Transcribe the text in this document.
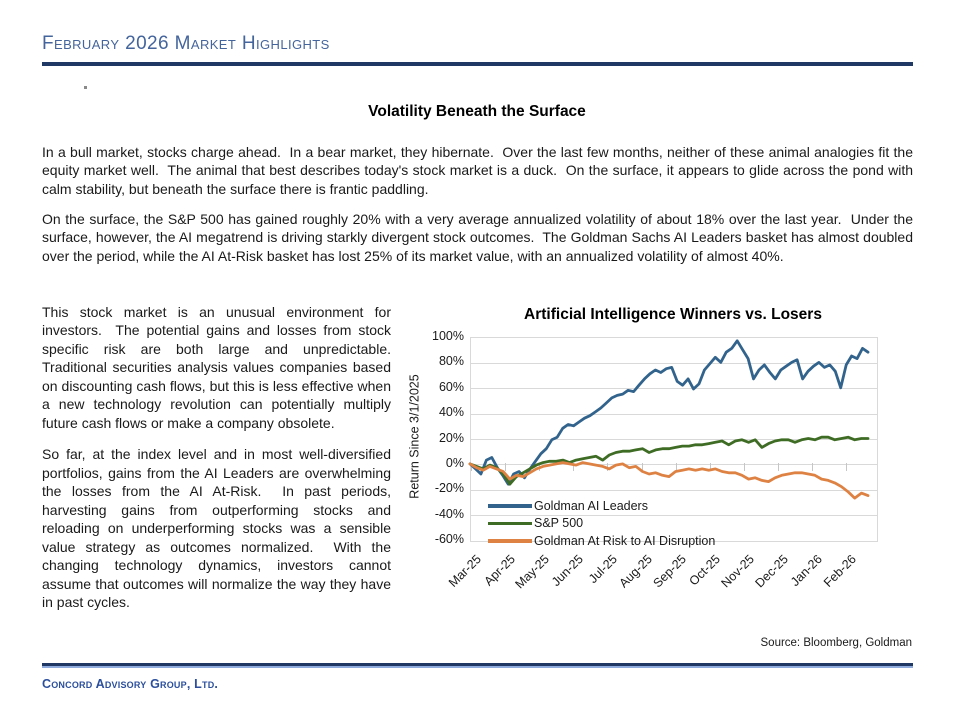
February 2026 Market Highlights
Volatility Beneath the Surface

In a bull market, stocks charge ahead.  In a bear market, they hibernate.  Over the last few months, neither of these animal analogies fit the equity market well.  The animal that best describes today's stock market is a duck.  On the surface, it appears to glide across the pond with calm stability, but beneath the surface there is frantic paddling.

On the surface, the S&P 500 has gained roughly 20% with a very average annualized volatility of about 18% over the last year.  Under the surface, however, the AI megatrend is driving starkly divergent stock outcomes.  The Goldman Sachs AI Leaders basket has almost doubled over the period, while the AI At-Risk basket has lost 25% of its market value, with an annualized volatility of almost 40%.

This stock market is an unusual environment for investors.  The potential gains and losses from stock specific risk are both large and unpredictable.  Traditional securities analysis values companies based on discounting cash flows, but this is less effective when a new technology revolution can potentially multiply future cash flows or make a company obsolete.

So far, at the index level and in most well-diversified portfolios, gains from the AI Leaders are overwhelming the losses from the AI At-Risk.  In past periods, harvesting gains from outperforming stocks and reloading on underperforming stocks was a sensible value strategy as outcomes normalized.  With the changing technology dynamics, investors cannot assume that outcomes will normalize the way they have in past cycles.

Artificial Intelligence Winners vs. Losers
Return Since 3/1/2025
Goldman AI Leaders
S&P 500
Goldman At Risk to AI Disruption
100%
80%
60%
40%
20%
0%
-20%
-40%
-60%
Mar-25
Apr-25
May-25
Jun-25 Jul-25
Aug-25
Sep-25
Oct-25
Nov-25
Dec-25
Jan-26
Feb-26
Source: Bloomberg, Goldman
Concord Advisory Group, Ltd.
